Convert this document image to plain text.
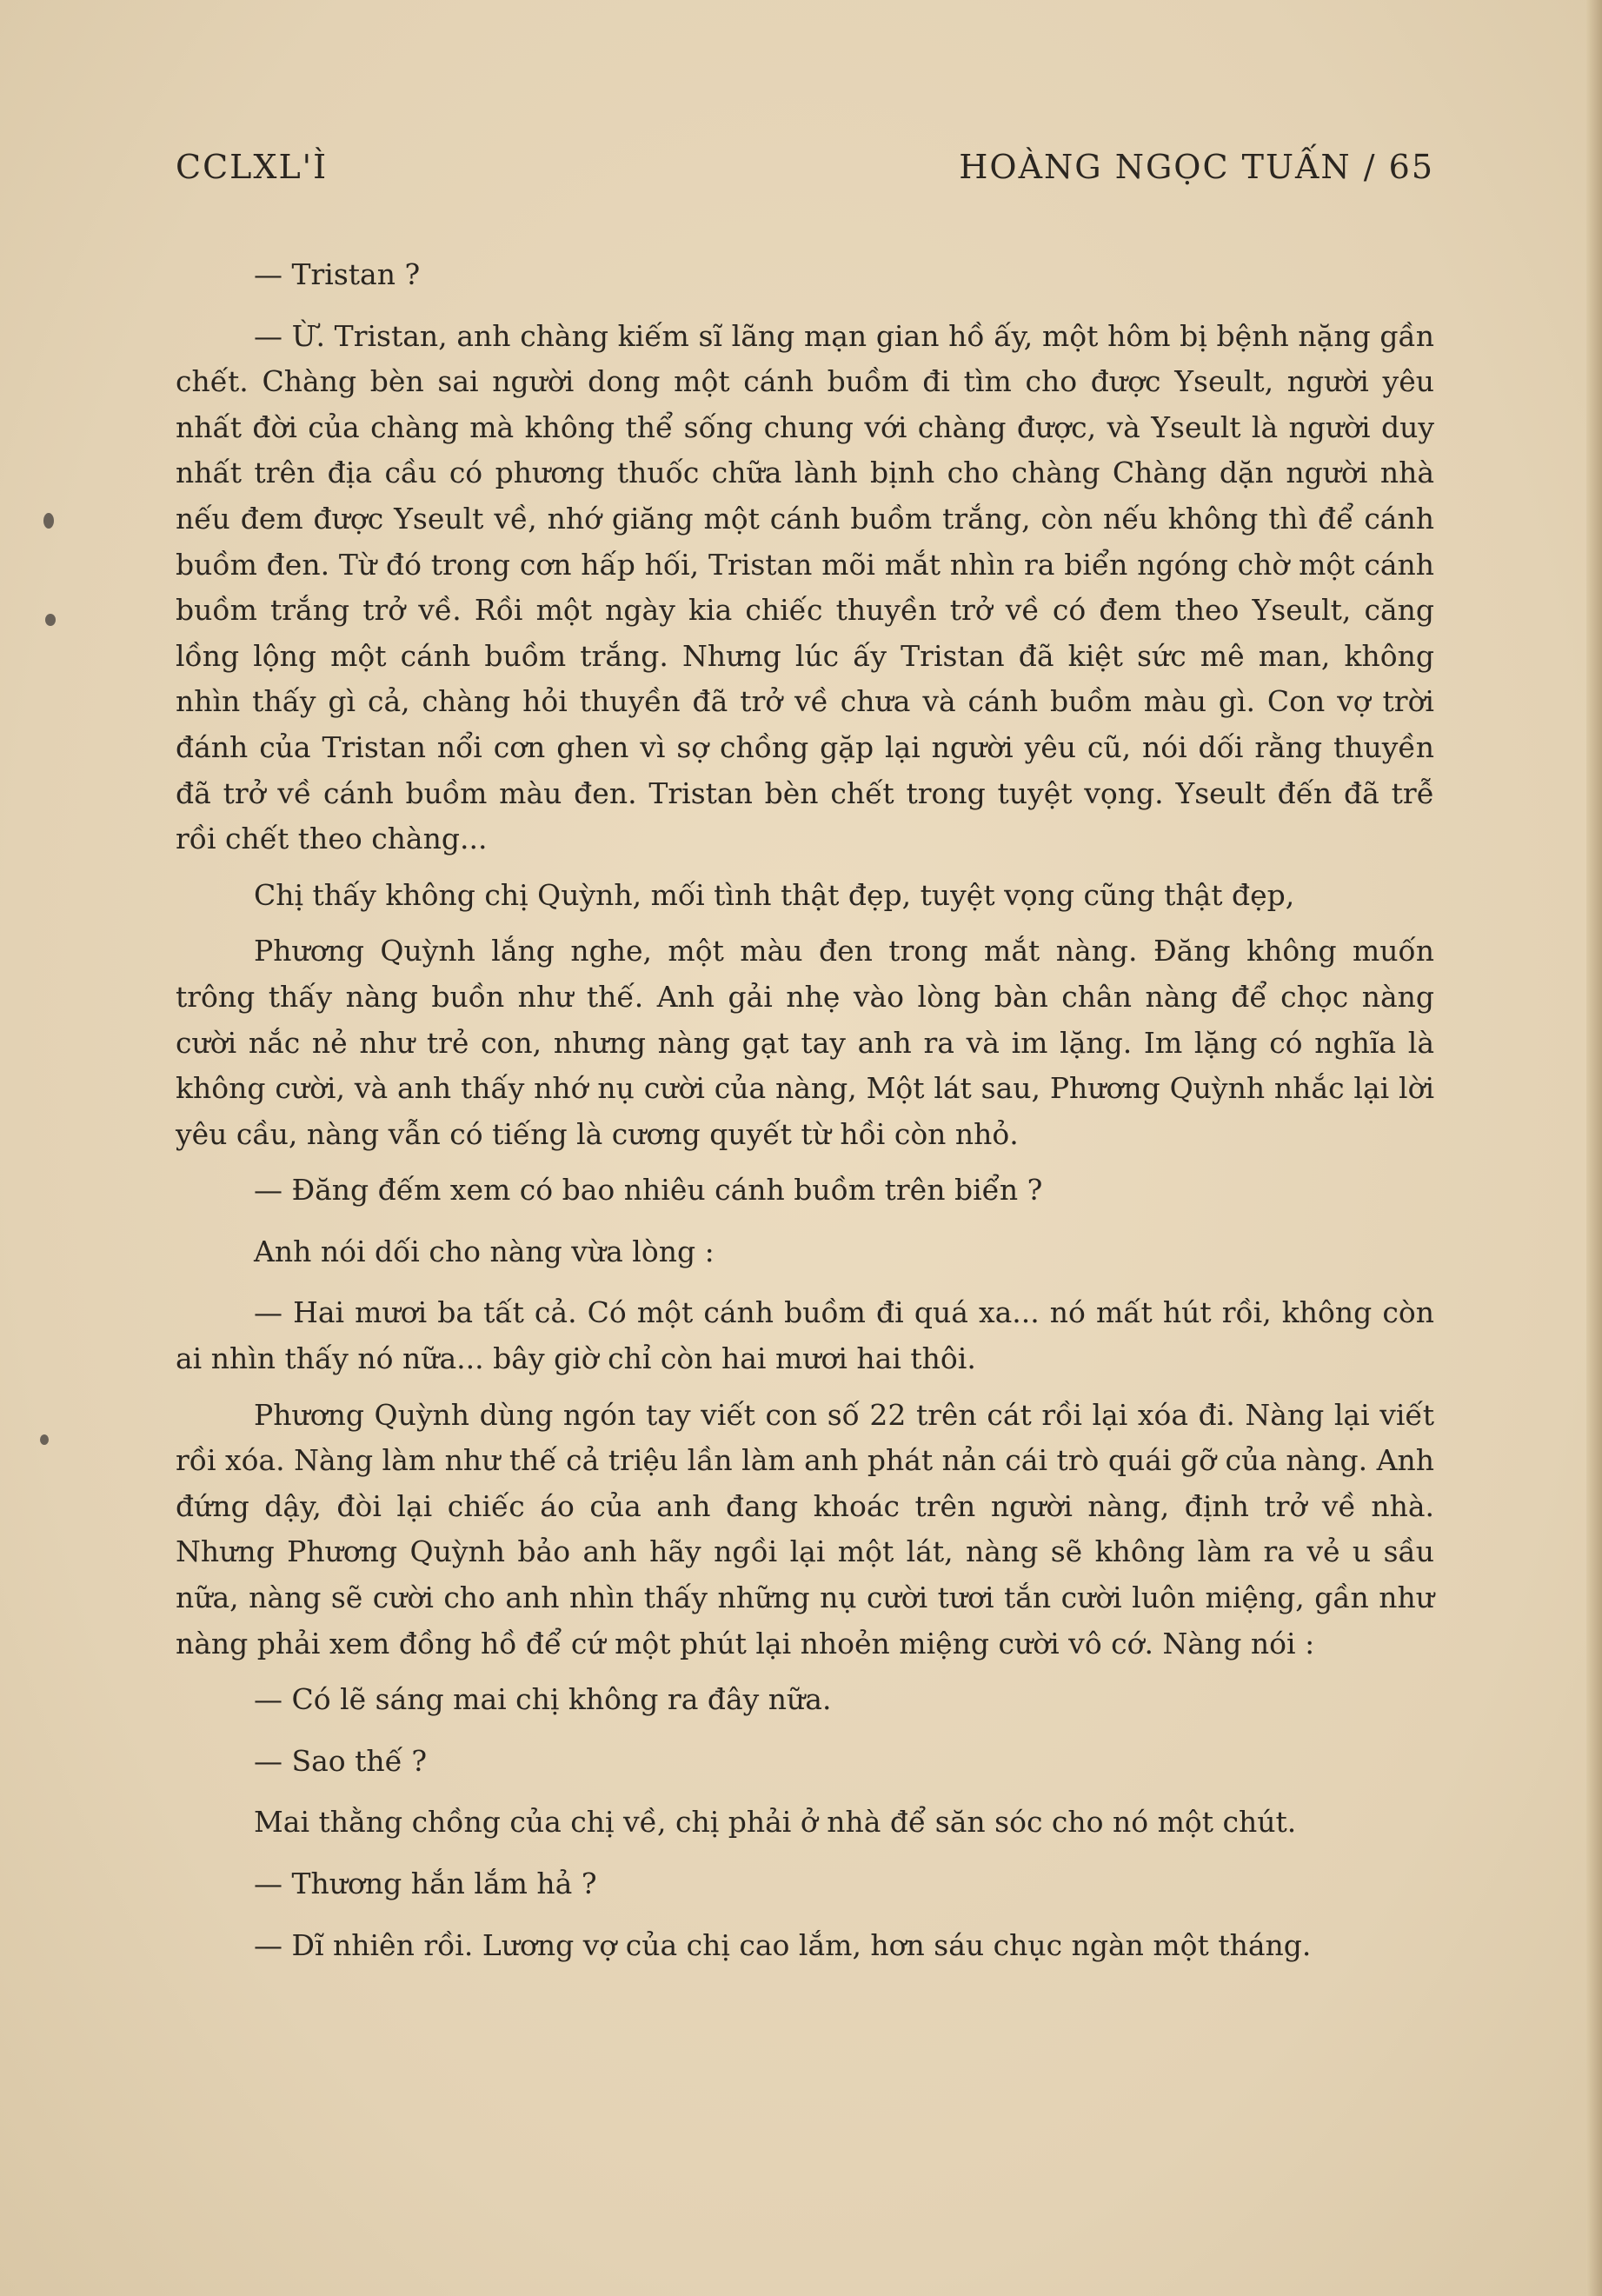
CCLXL'Ì	HOÀNG NGỌC TUẤN / 65

— Tristan ?

— Ừ. Tristan, anh chàng kiếm sĩ lãng mạn gian hồ ấy, một hôm bị bệnh nặng gần chết. Chàng bèn sai người dong một cánh buồm đi tìm cho được Yseult, người yêu nhất đời của chàng mà không thể sống chung với chàng được, và Yseult là người duy nhất trên địa cầu có phương thuốc chữa lành bịnh cho chàng Chàng dặn người nhà nếu đem được Yseult về, nhớ giăng một cánh buồm trắng, còn nếu không thì để cánh buồm đen. Từ đó trong cơn hấp hối, Tristan mõi mắt nhìn ra biển ngóng chờ một cánh buồm trắng trở về. Rồi một ngày kia chiếc thuyền trở về có đem theo Yseult, căng lồng lộng một cánh buồm trắng. Nhưng lúc ấy Tristan đã kiệt sức mê man, không nhìn thấy gì cả, chàng hỏi thuyền đã trở về chưa và cánh buồm màu gì. Con vợ trời đánh của Tristan nổi cơn ghen vì sợ chồng gặp lại người yêu cũ, nói dối rằng thuyền đã trở về cánh buồm màu đen. Tristan bèn chết trong tuyệt vọng. Yseult đến đã trễ rồi chết theo chàng...

Chị thấy không chị Quỳnh, mối tình thật đẹp, tuyệt vọng cũng thật đẹp,

Phương Quỳnh lắng nghe, một màu đen trong mắt nàng. Đăng không muốn trông thấy nàng buồn như thế. Anh gải nhẹ vào lòng bàn chân nàng để chọc nàng cười nắc nẻ như trẻ con, nhưng nàng gạt tay anh ra và im lặng. Im lặng có nghĩa là không cười, và anh thấy nhớ nụ cười của nàng, Một lát sau, Phương Quỳnh nhắc lại lời yêu cầu, nàng vẫn có tiếng là cương quyết từ hồi còn nhỏ.

— Đăng đếm xem có bao nhiêu cánh buồm trên biển ?

Anh nói dối cho nàng vừa lòng :

— Hai mươi ba tất cả. Có một cánh buồm đi quá xa... nó mất hút rồi, không còn ai nhìn thấy nó nữa... bây giờ chỉ còn hai mươi hai thôi.

Phương Quỳnh dùng ngón tay viết con số 22 trên cát rồi lại xóa đi. Nàng lại viết rồi xóa. Nàng làm như thế cả triệu lần làm anh phát nản cái trò quái gỡ của nàng. Anh đứng dậy, đòi lại chiếc áo của anh đang khoác trên người nàng, định trở về nhà. Nhưng Phương Quỳnh bảo anh hãy ngồi lại một lát, nàng sẽ không làm ra vẻ u sầu nữa, nàng sẽ cười cho anh nhìn thấy những nụ cười tươi tắn cười luôn miệng, gần như nàng phải xem đồng hồ để cứ một phút lại nhoẻn miệng cười vô cớ. Nàng nói :

— Có lẽ sáng mai chị không ra đây nữa.

— Sao thế ?

Mai thằng chồng của chị về, chị phải ở nhà để săn sóc cho nó một chút.

— Thương hắn lắm hả ?

— Dĩ nhiên rồi. Lương vợ của chị cao lắm, hơn sáu chục ngàn một tháng.
